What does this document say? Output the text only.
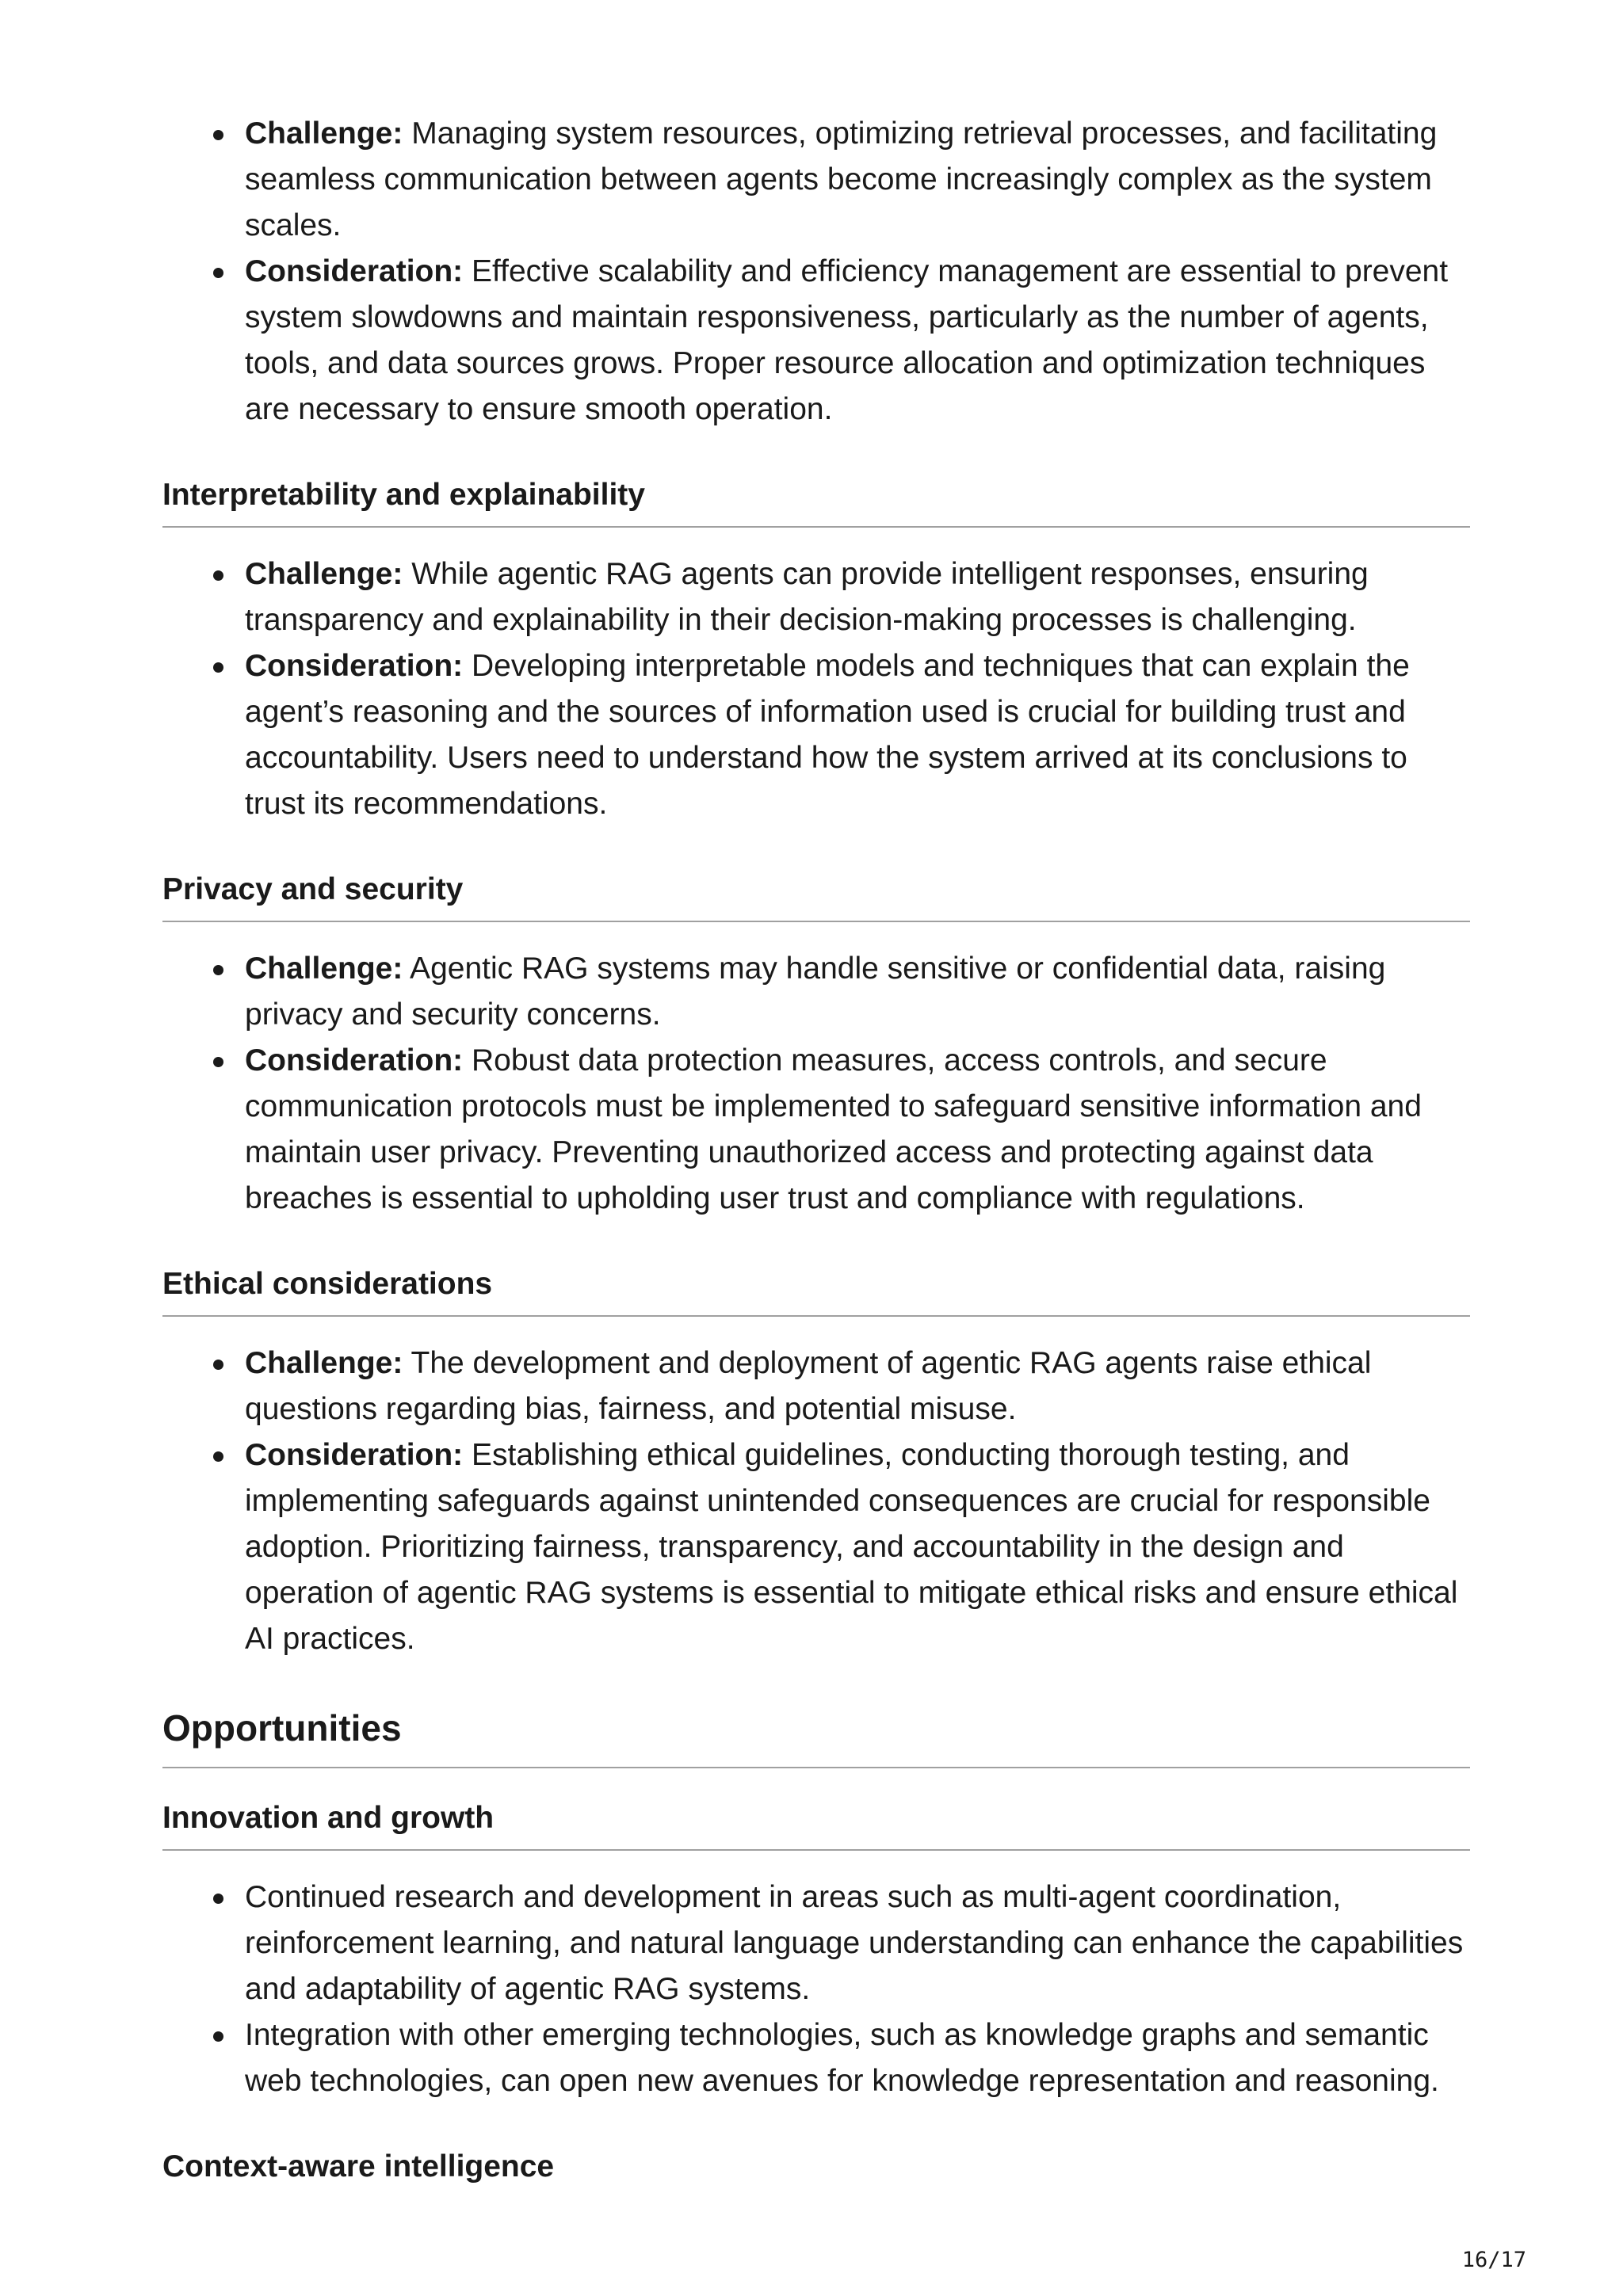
Challenge: Managing system resources, optimizing retrieval processes, and facilitating seamless communication between agents become increasingly complex as the system scales.
Consideration: Effective scalability and efficiency management are essential to prevent system slowdowns and maintain responsiveness, particularly as the number of agents, tools, and data sources grows. Proper resource allocation and optimization techniques are necessary to ensure smooth operation.
Interpretability and explainability
Challenge: While agentic RAG agents can provide intelligent responses, ensuring transparency and explainability in their decision-making processes is challenging.
Consideration: Developing interpretable models and techniques that can explain the agent’s reasoning and the sources of information used is crucial for building trust and accountability. Users need to understand how the system arrived at its conclusions to trust its recommendations.
Privacy and security
Challenge: Agentic RAG systems may handle sensitive or confidential data, raising privacy and security concerns.
Consideration: Robust data protection measures, access controls, and secure communication protocols must be implemented to safeguard sensitive information and maintain user privacy. Preventing unauthorized access and protecting against data breaches is essential to upholding user trust and compliance with regulations.
Ethical considerations
Challenge: The development and deployment of agentic RAG agents raise ethical questions regarding bias, fairness, and potential misuse.
Consideration: Establishing ethical guidelines, conducting thorough testing, and implementing safeguards against unintended consequences are crucial for responsible adoption. Prioritizing fairness, transparency, and accountability in the design and operation of agentic RAG systems is essential to mitigate ethical risks and ensure ethical AI practices.
Opportunities
Innovation and growth
Continued research and development in areas such as multi-agent coordination, reinforcement learning, and natural language understanding can enhance the capabilities and adaptability of agentic RAG systems.
Integration with other emerging technologies, such as knowledge graphs and semantic web technologies, can open new avenues for knowledge representation and reasoning.
Context-aware intelligence
16/17
